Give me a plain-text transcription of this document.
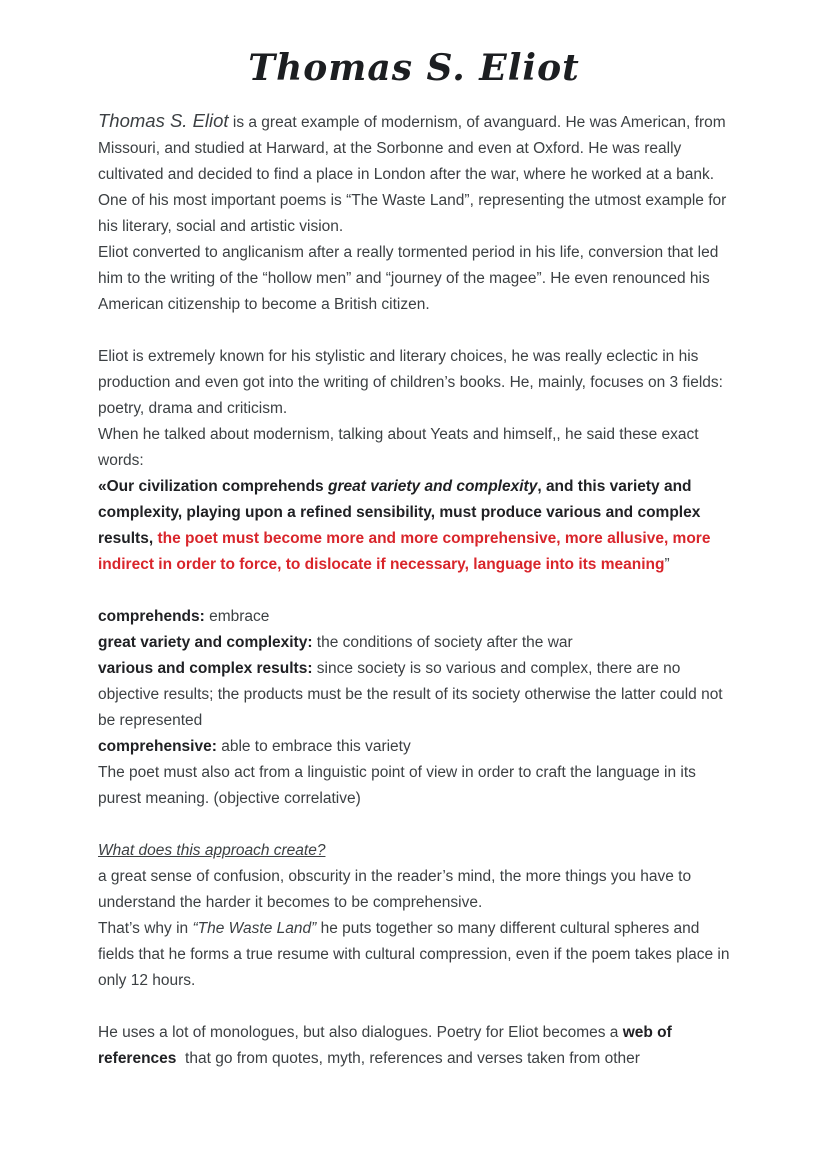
Thomas S. Eliot

Thomas S. Eliot is a great example of modernism, of avanguard. He was American, from Missouri, and studied at Harward, at the Sorbonne and even at Oxford. He was really cultivated and decided to find a place in London after the war, where he worked at a bank. One of his most important poems is “The Waste Land”, representing the utmost example for his literary, social and artistic vision.

Eliot converted to anglicanism after a really tormented period in his life, conversion that led him to the writing of the “hollow men” and “journey of the magee”. He even renounced his American citizenship to become a British citizen.

Eliot is extremely known for his stylistic and literary choices, he was really eclectic in his production and even got into the writing of children’s books. He, mainly, focuses on 3 fields: poetry, drama and criticism.

When he talked about modernism, talking about Yeats and himself,, he said these exact words:

«Our civilization comprehends great variety and complexity, and this variety and complexity, playing upon a refined sensibility, must produce various and complex results, the poet must become more and more comprehensive, more allusive, more indirect in order to force, to dislocate if necessary, language into its meaning”

comprehends: embrace

great variety and complexity: the conditions of society after the war

various and complex results: since society is so various and complex, there are no objective results; the products must be the result of its society otherwise the latter could not be represented

comprehensive: able to embrace this variety

The poet must also act from a linguistic point of view in order to craft the language in its purest meaning. (objective correlative)

What does this approach create?

a great sense of confusion, obscurity in the reader’s mind, the more things you have to understand the harder it becomes to be comprehensive.

That’s why in “The Waste Land” he puts together so many different cultural spheres and fields that he forms a true resume with cultural compression, even if the poem takes place in only 12 hours.

He uses a lot of monologues, but also dialogues. Poetry for Eliot becomes a web of references  that go from quotes, myth, references and verses taken from other
